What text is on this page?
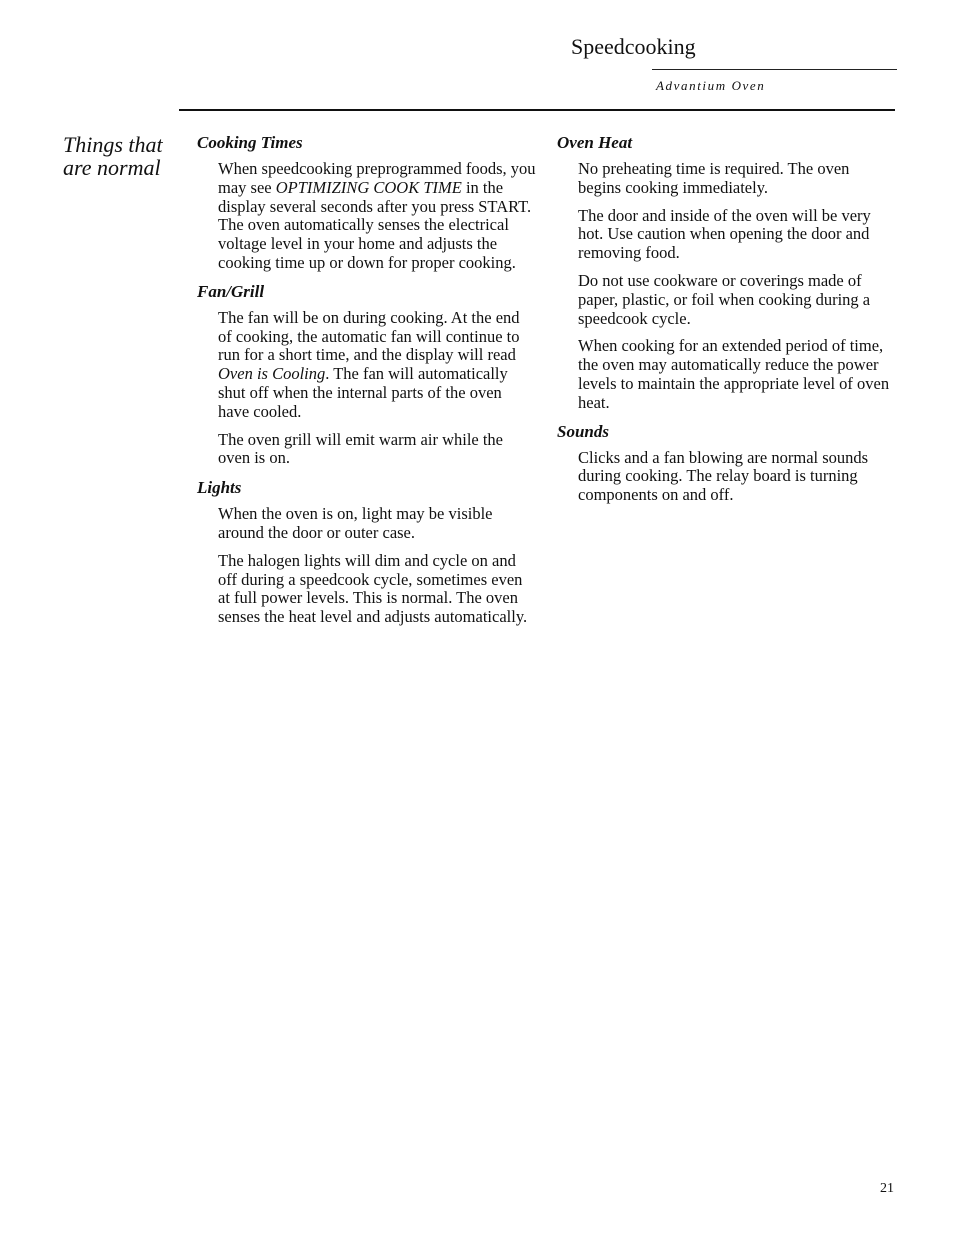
Speedcooking
Advantium Oven
Things that
are normal
Cooking Times

When speedcooking preprogrammed foods, you may see OPTIMIZING COOK TIME in the display several seconds after you press START. The oven automatically senses the electrical voltage level in your home and adjusts the cooking time up or down for proper cooking.

Fan/Grill

The fan will be on during cooking. At the end of cooking, the automatic fan will continue to run for a short time, and the display will read Oven is Cooling. The fan will automatically shut off when the internal parts of the oven have cooled.

The oven grill will emit warm air while the oven is on.

Lights

When the oven is on, light may be visible around the door or outer case.

The halogen lights will dim and cycle on and off during a speedcook cycle, sometimes even at full power levels. This is normal. The oven senses the heat level and adjusts automatically.

Oven Heat

No preheating time is required. The oven begins cooking immediately.

The door and inside of the oven will be very hot. Use caution when opening the door and removing food.

Do not use cookware or coverings made of paper, plastic, or foil when cooking during a speedcook cycle.

When cooking for an extended period of time, the oven may automatically reduce the power levels to maintain the appropriate level of oven heat.

Sounds

Clicks and a fan blowing are normal sounds during cooking. The relay board is turning components on and off.

21
